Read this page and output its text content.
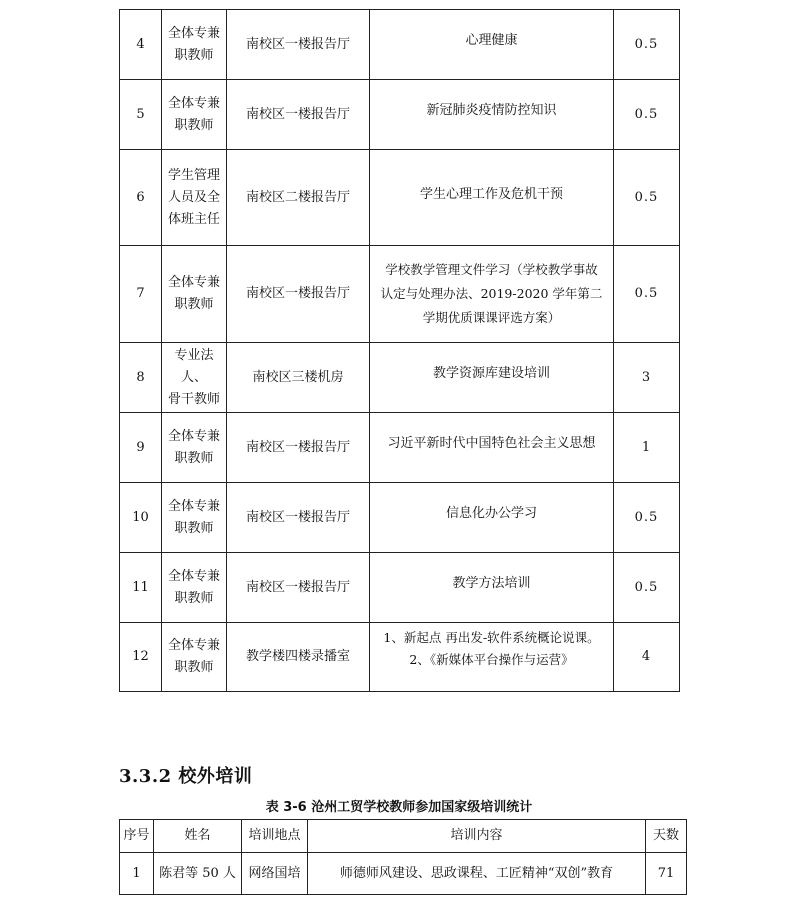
4	全体专兼
职教师	南校区一楼报告厅	心理健康	0.5
5	全体专兼
职教师	南校区一楼报告厅	新冠肺炎疫情防控知识	0.5
6	学生管理
人员及全
体班主任	南校区二楼报告厅	学生心理工作及危机干预	0.5
7	全体专兼
职教师	南校区一楼报告厅	学校教学管理文件学习（学校教学事故
认定与处理办法、2019-2020 学年第二
学期优质课课评选方案）	0.5
8	专业法人、
骨干教师	南校区三楼机房	教学资源库建设培训	3
9	全体专兼
职教师	南校区一楼报告厅	习近平新时代中国特色社会主义思想	1
10	全体专兼
职教师	南校区一楼报告厅	信息化办公学习	0.5
11	全体专兼
职教师	南校区一楼报告厅	教学方法培训	0.5
12	全体专兼
职教师	教学楼四楼录播室	1、新起点 再出发-软件系统概论说课。
2、《新媒体平台操作与运营》	4
3.3.2 校外培训
表 3-6 沧州工贸学校教师参加国家级培训统计
序号	姓名	培训地点	培训内容	天数
1	陈君等 50 人	网络国培	师德师风建设、思政课程、工匠精神“双创”教育	71
